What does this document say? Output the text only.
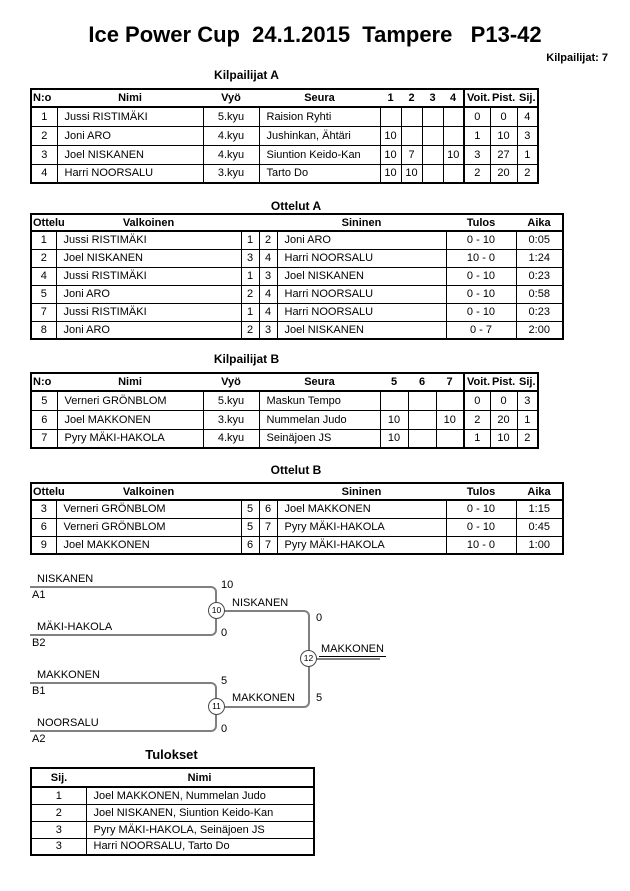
Ice Power Cup  24.1.2015  Tampere   P13-42
Kilpailijat: 7
Kilpailijat A
N:o	Nimi	Vyö	Seura	1	2	3	4	Voit.	Pist.	Sij.
1	Jussi RISTIMÄKI	5.kyu	Raision Ryhti					0	0	4
2	Joni ARO	4.kyu	Jushinkan, Ähtäri	10				1	10	3
3	Joel NISKANEN	4.kyu	Siuntion Keido-Kan	10	7		10	3	27	1
4	Harri NOORSALU	3.kyu	Tarto Do	10	10			2	20	2
Ottelut A
Ottelu	Valkoinen			Sininen	Tulos	Aika
1	Jussi RISTIMÄKI	1	2	Joni ARO	0 - 10	0:05
2	Joel NISKANEN	3	4	Harri NOORSALU	10 - 0	1:24
4	Jussi RISTIMÄKI	1	3	Joel NISKANEN	0 - 10	0:23
5	Joni ARO	2	4	Harri NOORSALU	0 - 10	0:58
7	Jussi RISTIMÄKI	1	4	Harri NOORSALU	0 - 10	0:23
8	Joni ARO	2	3	Joel NISKANEN	0 - 7	2:00
Kilpailijat B
N:o	Nimi	Vyö	Seura	5	6	7	Voit.	Pist.	Sij.
5	Verneri GRÖNBLOM	5.kyu	Maskun Tempo				0	0	3
6	Joel MAKKONEN	3.kyu	Nummelan Judo	10		10	2	20	1
7	Pyry MÄKI-HAKOLA	4.kyu	Seinäjoen JS	10			1	10	2
Ottelut B
Ottelu	Valkoinen			Sininen	Tulos	Aika
3	Verneri GRÖNBLOM	5	6	Joel MAKKONEN	0 - 10	1:15
6	Verneri GRÖNBLOM	5	7	Pyry MÄKI-HAKOLA	0 - 10	0:45
9	Joel MAKKONEN	6	7	Pyry MÄKI-HAKOLA	10 - 0	1:00
NISKANEN
A1
10
MÄKI-HAKOLA
B2
0
MAKKONEN
B1
5
NOORSALU
A2
0
NISKANEN
0
MAKKONEN 5
MAKKONEN
10
11
12
Tulokset
Sij.	Nimi
1	Joel MAKKONEN, Nummelan Judo
2	Joel NISKANEN, Siuntion Keido-Kan
3	Pyry MÄKI-HAKOLA, Seinäjoen JS
3	Harri NOORSALU, Tarto Do
